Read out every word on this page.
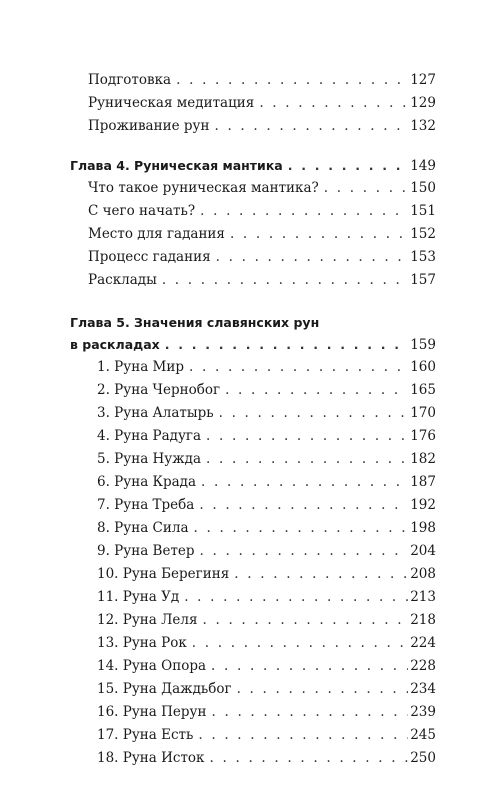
Подготовка . . .	127
Руническая медитация . . .	129
Проживание рун . . .	132
Глава 4. Руническая мантика . . .	149
Что такое руническая мантика? . . .	150
С чего начать? . . .	151
Место для гадания . . .	152
Процесс гадания . . .	153
Расклады . . .	157
Глава 5. Значения славянских рун
в раскладах . . .	159
1. Руна Мир . . .	160
2. Руна Чернобог . . .	165
3. Руна Алатырь . . .	170
4. Руна Радуга . . .	176
5. Руна Нужда . . .	182
6. Руна Крада . . .	187
7. Руна Треба . . .	192
8. Руна Сила . . .	198
9. Руна Ветер . . .	204
10. Руна Берегиня . . .	208
11. Руна Уд . . .	213
12. Руна Леля . . .	218
13. Руна Рок . . .	224
14. Руна Опора . . .	228
15. Руна Даждьбог . . .	234
16. Руна Перун . . .	239
17. Руна Есть . . .	245
18. Руна Исток . . .	250
